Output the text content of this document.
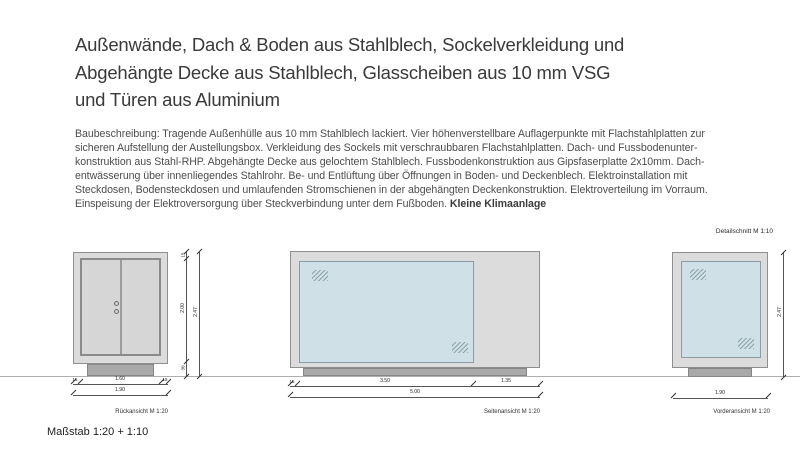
Außenwände, Dach & Boden aus Stahlblech, Sockelverkleidung und
Abgehängte Decke aus Stahlblech, Glasscheiben aus 10 mm VSG
und Türen aus Aluminium
Baubeschreibung: Tragende Außenhülle aus 10 mm Stahlblech lackiert. Vier höhenverstellbare Auflagerpunkte mit Flachstahlplatten zur sicheren Aufstellung der Austellungsbox. Verkleidung des Sockels mit verschraubbaren Flachstahlplatten. Dach- und Fussbodenunterkonstruktion aus Stahl-RHP. Abgehängte Decke aus gelochtem Stahlblech. Fussbodenkonstruktion aus Gipsfaserplatte 2x10mm. Dachentwässerung über innenliegendes Stahlrohr. Be- und Entlüftung über Öffnungen in Boden- und Deckenblech. Elektroinstallation mit Steckdosen, Bodensteckdosen und umlaufenden Stromschienen in der abgehängten Deckenkonstruktion. Elektroverteilung im Vorraum. Einspeisung der Elektroversorgung über Steckverbindung unter dem Fußboden. Kleine Klimaanlage
15
2.00
30
2.47
15	1.60	15
1.90
Rückansicht M 1:20
15	3.50	1.35
5.00
Seitenansicht M 1:20
Detailschnitt M 1:10
2.47
1.90
Vorderansicht M 1:20
Maßstab 1:20 + 1:10
